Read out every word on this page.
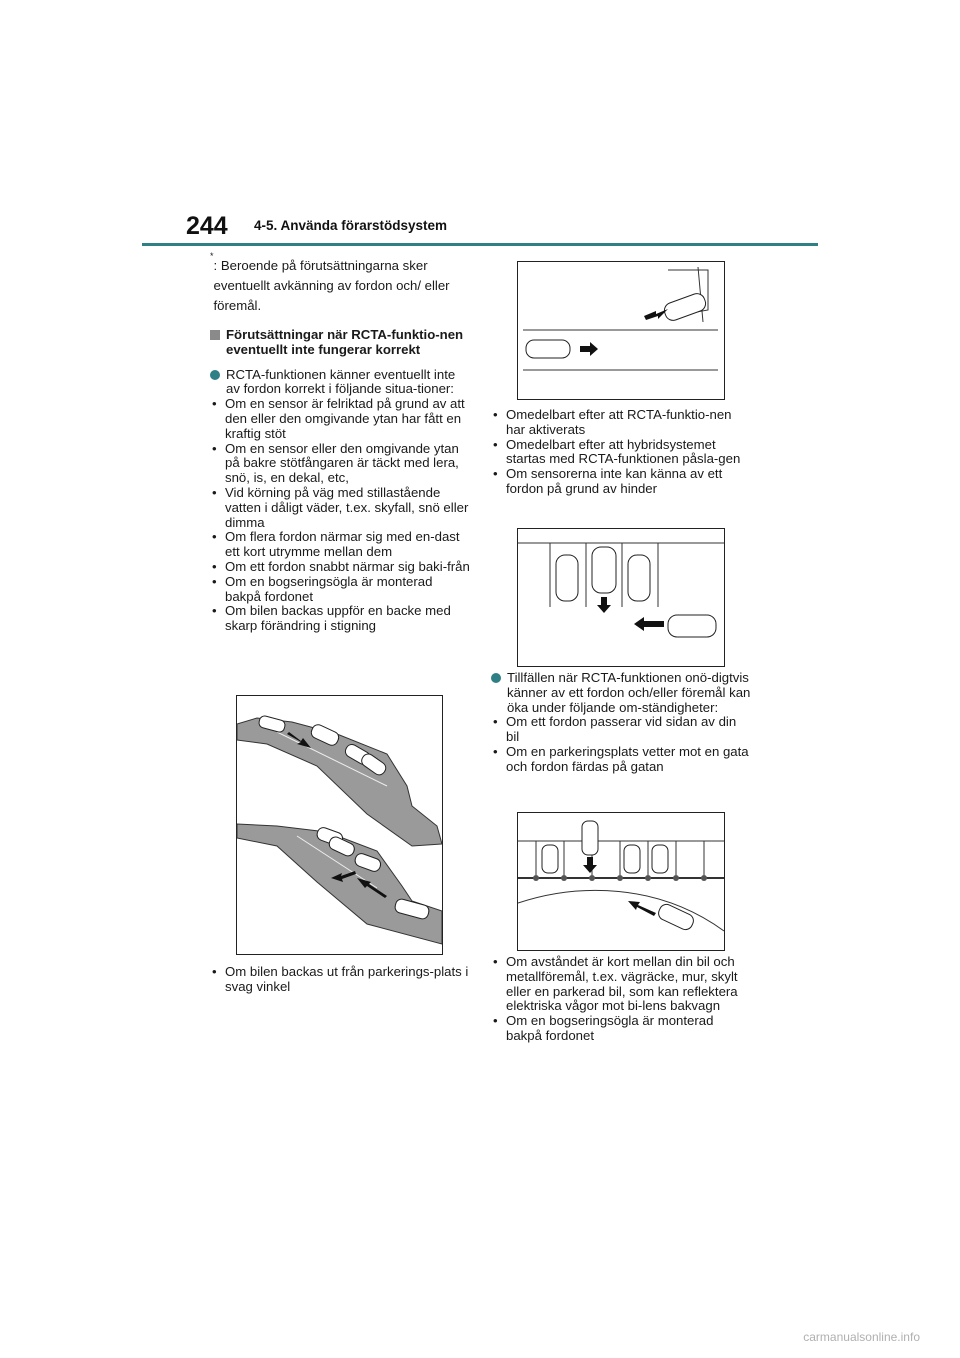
244 4-5. Använda förarstödsystem
*
: Beroende på förutsättningarna sker eventuellt avkänning av fordon och/ eller föremål.
Förutsättningar när RCTA-funktio-nen eventuellt inte fungerar korrekt
RCTA-funktionen känner eventuellt inte av fordon korrekt i följande situa-tioner:
• Om en sensor är felriktad på grund av att den eller den omgivande ytan har fått en kraftig stöt
• Om en sensor eller den omgivande ytan på bakre stötfångaren är täckt med lera, snö, is, en dekal, etc,
• Vid körning på väg med stillastående vatten i dåligt väder, t.ex. skyfall, snö eller dimma
• Om flera fordon närmar sig med en-dast ett kort utrymme mellan dem
• Om ett fordon snabbt närmar sig baki-från
• Om en bogseringsögla är monterad bakpå fordonet
• Om bilen backas uppför en backe med skarp förändring i stigning
• Om bilen backas ut från parkerings-plats i svag vinkel
• Omedelbart efter att RCTA-funktio-nen har aktiverats
• Omedelbart efter att hybridsystemet startas med RCTA-funktionen påsla-gen
• Om sensorerna inte kan känna av ett fordon på grund av hinder
Tillfällen när RCTA-funktionen onö-digtvis känner av ett fordon och/eller föremål kan öka under följande om-ständigheter:
• Om ett fordon passerar vid sidan av din bil
• Om en parkeringsplats vetter mot en gata och fordon färdas på gatan
• Om avståndet är kort mellan din bil och metallföremål, t.ex. vägräcke, mur, skylt eller en parkerad bil, som kan reflektera elektriska vågor mot bi-lens bakvagn
• Om en bogseringsögla är monterad bakpå fordonet
carmanualsonline.info
